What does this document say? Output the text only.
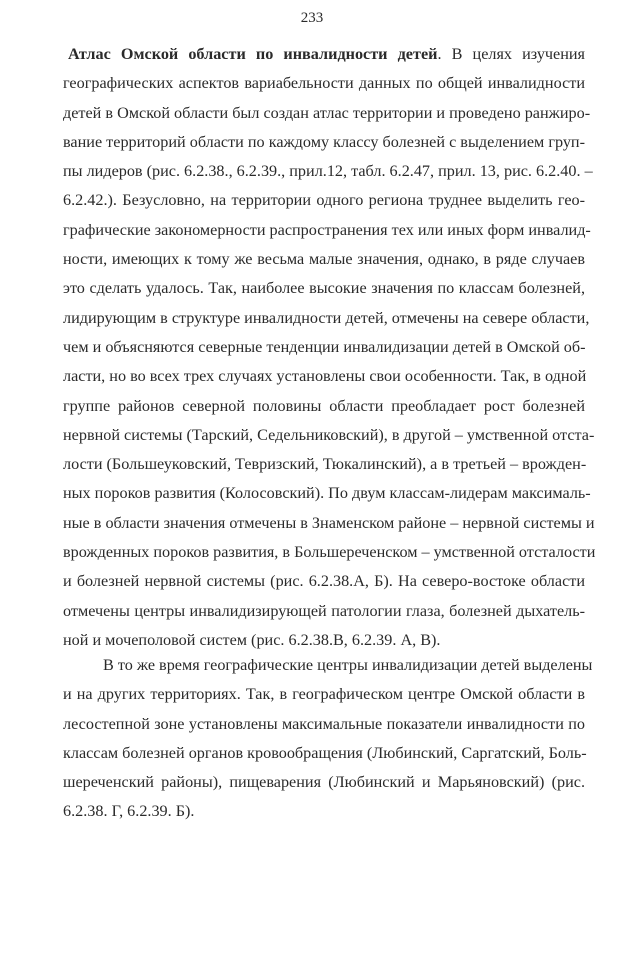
233
Атлас Омской области по инвалидности детей. В целях изучения
географических аспектов вариабельности данных по общей инвалидности
детей в Омской области был создан атлас территории и проведено ранжиро-
вание территорий области по каждому классу болезней с выделением груп-
пы лидеров (рис. 6.2.38., 6.2.39., прил.12, табл. 6.2.47, прил. 13, рис. 6.2.40. –
6.2.42.). Безусловно, на территории одного региона труднее выделить гео-
графические закономерности распространения тех или иных форм инвалид-
ности, имеющих к тому же весьма малые значения, однако, в ряде случаев
это сделать удалось. Так, наиболее высокие значения по классам болезней,
лидирующим в структуре инвалидности детей, отмечены на севере области,
чем и объясняются северные тенденции инвалидизации детей в Омской об-
ласти, но во всех трех случаях установлены свои особенности. Так, в одной
группе районов северной половины области преобладает рост болезней
нервной системы (Тарский, Седельниковский), в другой – умственной отста-
лости (Большеуковский, Тевризский, Тюкалинский), а в третьей – врожден-
ных пороков развития (Колосовский). По двум классам-лидерам максималь-
ные в области значения отмечены в Знаменском районе – нервной системы и
врожденных пороков развития, в Большереченском – умственной отсталости
и болезней нервной системы (рис. 6.2.38.А, Б). На северо-востоке области
отмечены центры инвалидизирующей патологии глаза, болезней дыхатель-
ной и мочеполовой систем (рис. 6.2.38.В, 6.2.39. А, В).
В то же время географические центры инвалидизации детей выделены
и на других территориях. Так, в географическом центре Омской области в
лесостепной зоне установлены максимальные показатели инвалидности по
классам болезней органов кровообращения (Любинский, Саргатский, Боль-
шереченский районы), пищеварения (Любинский и Марьяновский) (рис.
6.2.38. Г, 6.2.39. Б).
